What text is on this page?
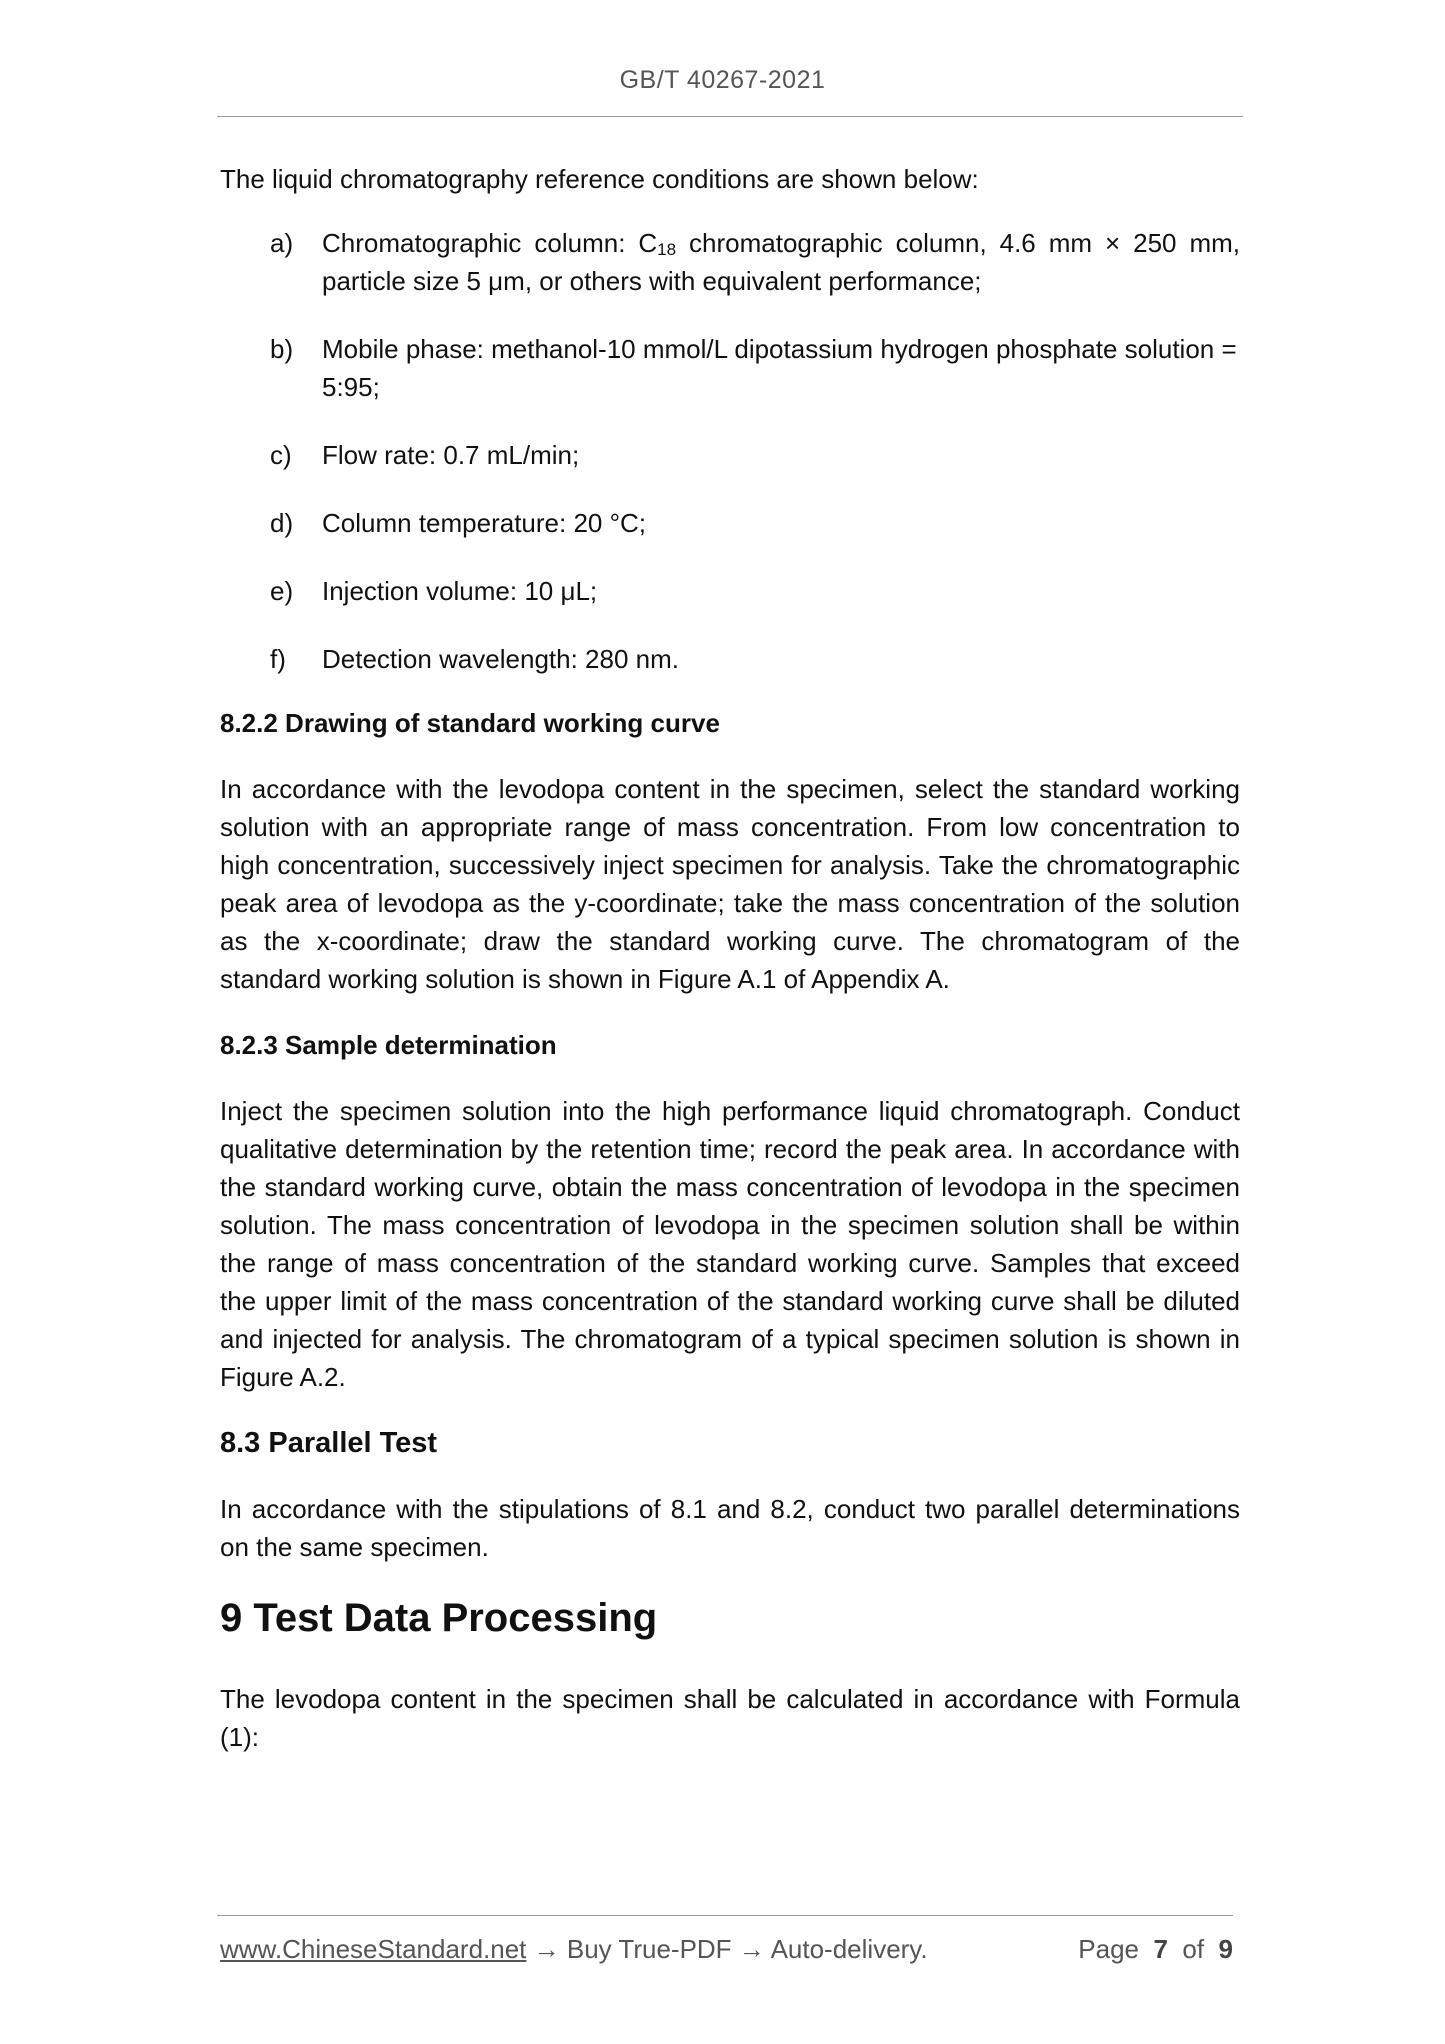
GB/T 40267-2021

The liquid chromatography reference conditions are shown below:

a)	Chromatographic column: C18 chromatographic column, 4.6 mm × 250 mm, particle size 5 μm, or others with equivalent performance;
b)	Mobile phase: methanol-10 mmol/L dipotassium hydrogen phosphate solution = 5:95;
c)	Flow rate: 0.7 mL/min;
d)	Column temperature: 20 °C;
e)	Injection volume: 10 μL;
f)	Detection wavelength: 280 nm.

8.2.2 Drawing of standard working curve

In accordance with the levodopa content in the specimen, select the standard working solution with an appropriate range of mass concentration. From low concentration to high concentration, successively inject specimen for analysis. Take the chromatographic peak area of levodopa as the y-coordinate; take the mass concentration of the solution as the x-coordinate; draw the standard working curve. The chromatogram of the standard working solution is shown in Figure A.1 of Appendix A.

8.2.3 Sample determination

Inject the specimen solution into the high performance liquid chromatograph. Conduct qualitative determination by the retention time; record the peak area. In accordance with the standard working curve, obtain the mass concentration of levodopa in the specimen solution. The mass concentration of levodopa in the specimen solution shall be within the range of mass concentration of the standard working curve. Samples that exceed the upper limit of the mass concentration of the standard working curve shall be diluted and injected for analysis. The chromatogram of a typical specimen solution is shown in Figure A.2.

8.3 Parallel Test

In accordance with the stipulations of 8.1 and 8.2, conduct two parallel determinations on the same specimen.

9 Test Data Processing

The levodopa content in the specimen shall be calculated in accordance with Formula (1):

www.ChineseStandard.net → Buy True-PDF → Auto-delivery.	Page 7 of 9
